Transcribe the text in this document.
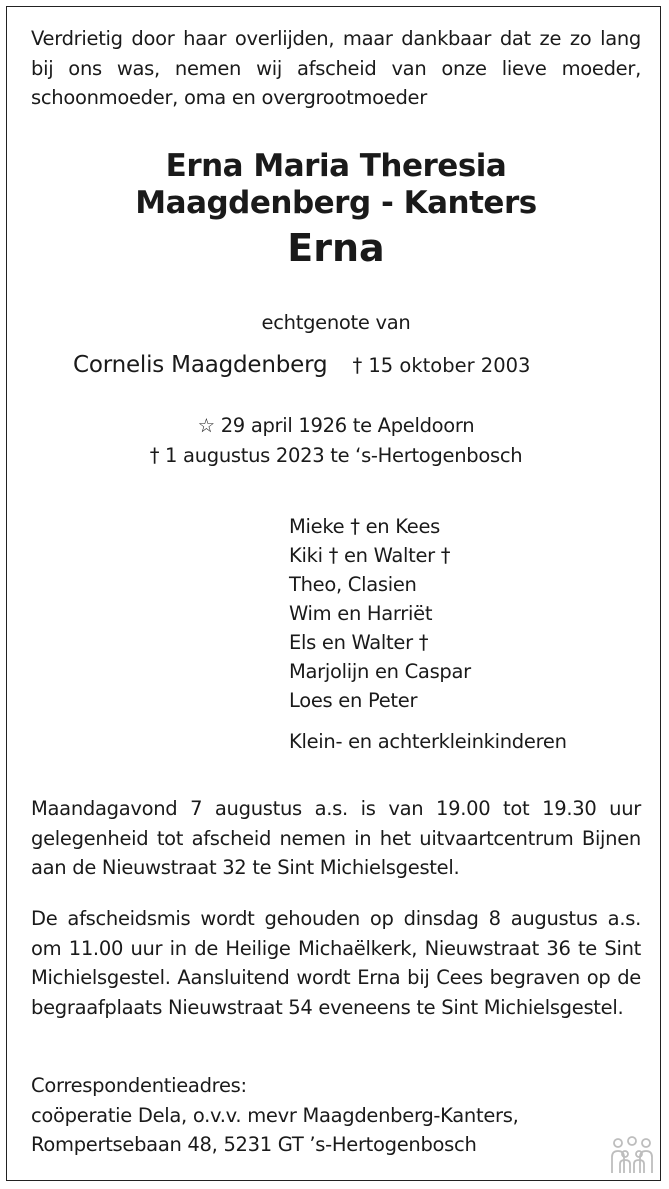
Verdrietig door haar overlijden, maar dankbaar dat ze zo lang bij ons was, nemen wij afscheid van onze lieve moeder, schoonmoeder, oma en overgrootmoeder

Erna Maria Theresia
Maagdenberg - Kanters
Erna
echtgenote van
Cornelis Maagdenberg † 15 oktober 2003
☆ 29 april 1926 te Apeldoorn
† 1 augustus 2023 te ‘s-Hertogenbosch
Mieke † en Kees
Kiki † en Walter †
Theo, Clasien
Wim en Harriët
Els en Walter †
Marjolijn en Caspar
Loes en Peter
Klein- en achterkleinkinderen

Maandagavond 7 augustus a.s. is van 19.00 tot 19.30 uur gelegenheid tot afscheid nemen in het uitvaartcentrum Bijnen aan de Nieuwstraat 32 te Sint Michielsgestel.

De afscheidsmis wordt gehouden op dinsdag 8 augustus a.s. om 11.00 uur in de Heilige Michaëlkerk, Nieuwstraat 36 te Sint Michielsgestel. Aansluitend wordt Erna bij Cees begraven op de begraafplaats Nieuwstraat 54 eveneens te Sint Michielsgestel.

Correspondentieadres:
coöperatie Dela, o.v.v. mevr Maagdenberg-Kanters,
Rompertsebaan 48, 5231 GT ’s-Hertogenbosch
